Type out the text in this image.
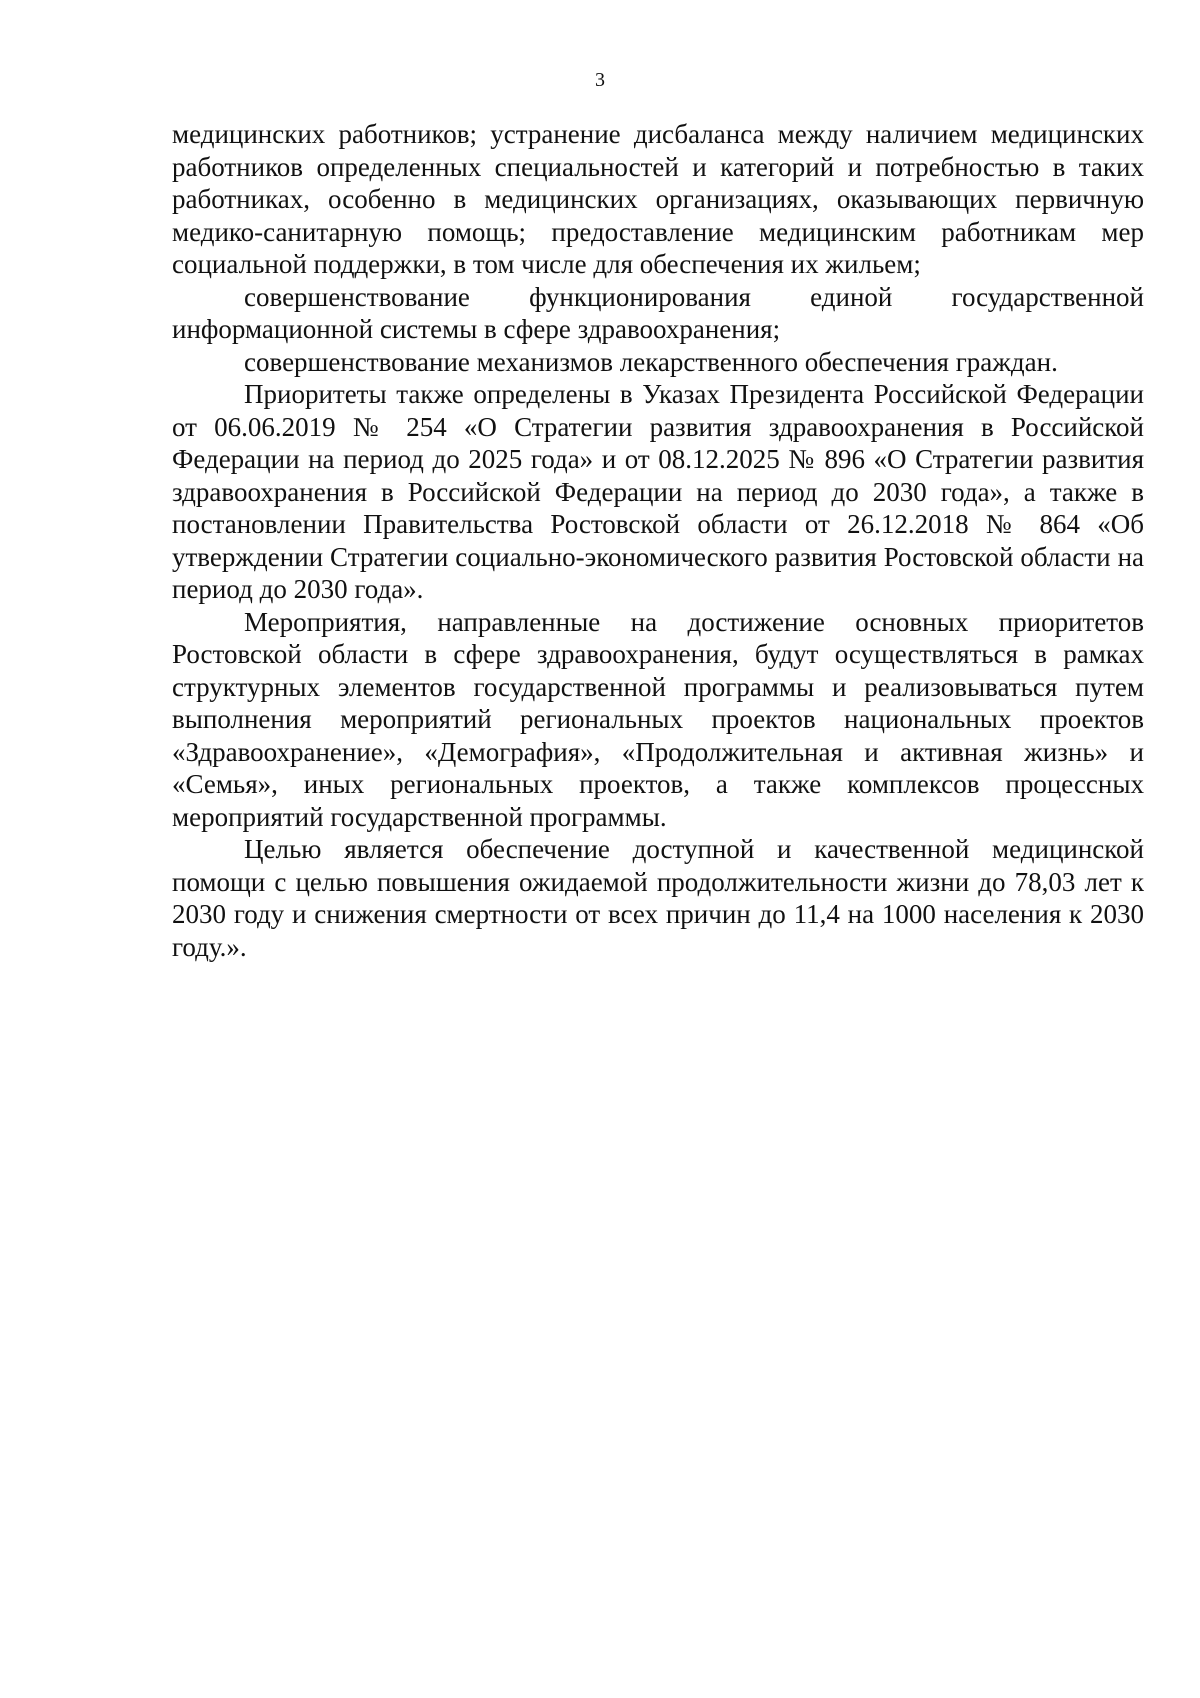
3

медицинских работников; устранение дисбаланса между наличием медицинских работников определенных специальностей и категорий и потребностью в таких работниках, особенно в медицинских организациях, оказывающих первичную медико-санитарную помощь; предоставление медицинским работникам мер социальной поддержки, в том числе для обеспечения их жильем;

совершенствование функционирования единой государственной информационной системы в сфере здравоохранения;

совершенствование механизмов лекарственного обеспечения граждан.

Приоритеты также определены в Указах Президента Российской Федерации от 06.06.2019 № 254 «О Стратегии развития здравоохранения в Российской Федерации на период до 2025 года» и от 08.12.2025 № 896 «О Стратегии развития здравоохранения в Российской Федерации на период до 2030 года», а также в постановлении Правительства Ростовской области от 26.12.2018 № 864 «Об утверждении Стратегии социально-экономического развития Ростовской области на период до 2030 года».

Мероприятия, направленные на достижение основных приоритетов Ростовской области в сфере здравоохранения, будут осуществляться в рамках структурных элементов государственной программы и реализовываться путем выполнения мероприятий региональных проектов национальных проектов «Здравоохранение», «Демография», «Продолжительная и активная жизнь» и «Семья», иных региональных проектов, а также комплексов процессных мероприятий государственной программы.

Целью является обеспечение доступной и качественной медицинской помощи с целью повышения ожидаемой продолжительности жизни до 78,03 лет к 2030 году и снижения смертности от всех причин до 11,4 на 1000 населения к 2030 году.».
